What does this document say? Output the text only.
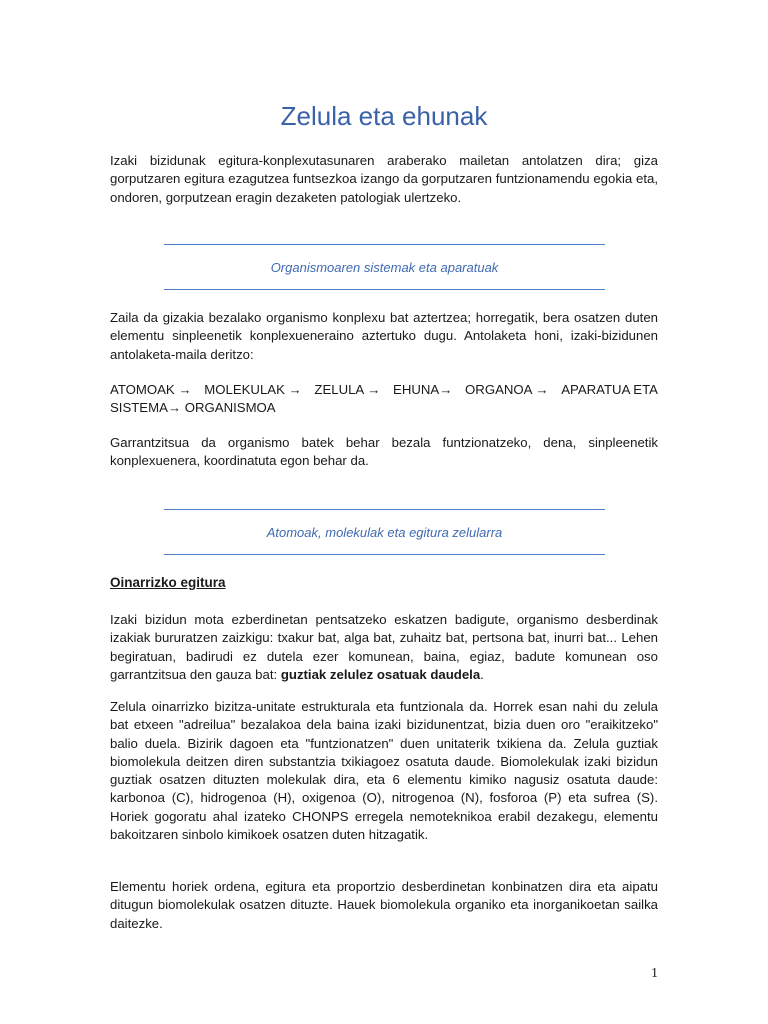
Zelula eta ehunak

Izaki bizidunak egitura-konplexutasunaren araberako mailetan antolatzen dira; giza gorputzaren egitura ezagutzea funtsezkoa izango da gorputzaren funtzionamendu egokia eta, ondoren, gorputzean eragin dezaketen patologiak ulertzeko.

Organismoaren sistemak eta aparatuak

Zaila da gizakia bezalako organismo konplexu bat aztertzea; horregatik, bera osatzen duten elementu sinpleenetik konplexueneraino aztertuko dugu. Antolaketa honi, izaki-bizidunen antolaketa-maila deritzo:

ATOMOAK → MOLEKULAK → ZELULA → EHUNA→ ORGANOA → APARATUA ETA
SISTEMA→ ORGANISMOA

Garrantzitsua da organismo batek behar bezala funtzionatzeko, dena, sinpleenetik konplexuenera, koordinatuta egon behar da.

Atomoak, molekulak eta egitura zelularra

Oinarrizko egitura

Izaki bizidun mota ezberdinetan pentsatzeko eskatzen badigute, organismo desberdinak izakiak bururatzen zaizkigu: txakur bat, alga bat, zuhaitz bat, pertsona bat, inurri bat... Lehen begiratuan, badirudi ez dutela ezer komunean, baina, egiaz, badute komunean oso garrantzitsua den gauza bat: guztiak zelulez osatuak daudela.

Zelula oinarrizko bizitza-unitate estrukturala eta funtzionala da. Horrek esan nahi du zelula bat etxeen "adreilua" bezalakoa dela baina izaki bizidunentzat, bizia duen oro "eraikitzeko" balio duela. Bizirik dagoen eta "funtzionatzen" duen unitaterik txikiena da. Zelula guztiak biomolekula deitzen diren substantzia txikiagoez osatuta daude. Biomolekulak izaki bizidun guztiak osatzen dituzten molekulak dira, eta 6 elementu kimiko nagusiz osatuta daude: karbonoa (C), hidrogenoa (H), oxigenoa (O), nitrogenoa (N), fosforoa (P) eta sufrea (S). Horiek gogoratu ahal izateko CHONPS erregela nemoteknikoa erabil dezakegu, elementu bakoitzaren sinbolo kimikoek osatzen duten hitzagatik.

Elementu horiek ordena, egitura eta proportzio desberdinetan konbinatzen dira eta aipatu ditugun biomolekulak osatzen dituzte. Hauek biomolekula organiko eta inorganikoetan sailka daitezke.

1
